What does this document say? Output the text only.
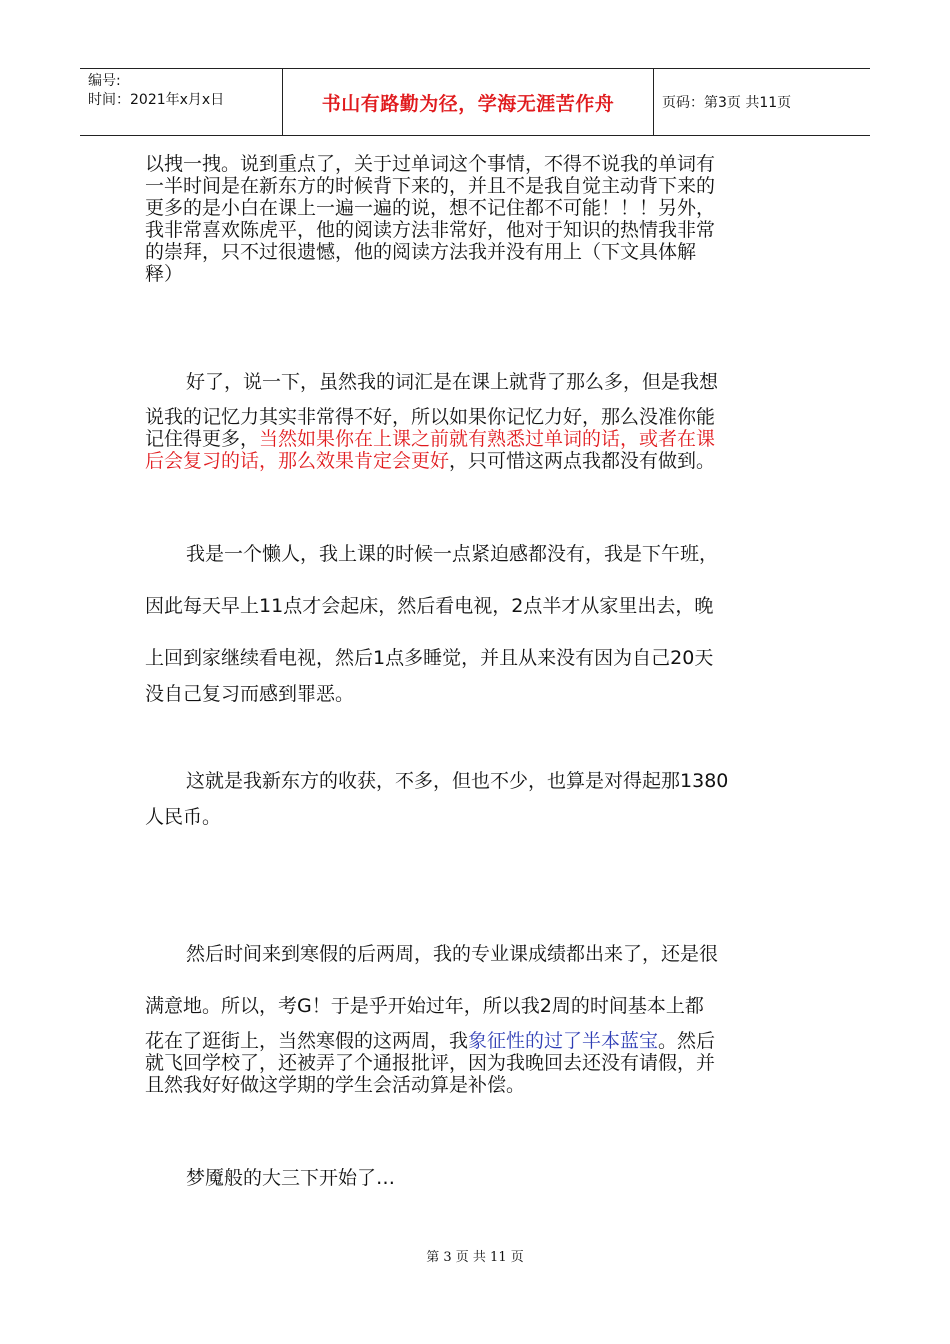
编号:
时间：2021年x月x日	书山有路勤为径，学海无涯苦作舟	页码：第3页 共11页
以拽一拽。说到重点了，关于过单词这个事情，不得不说我的单词有
一半时间是在新东方的时候背下来的，并且不是我自觉主动背下来的
更多的是小白在课上一遍一遍的说，想不记住都不可能！！！另外，
我非常喜欢陈虎平，他的阅读方法非常好，他对于知识的热情我非常
的崇拜，只不过很遗憾，他的阅读方法我并没有用上（下文具体解
释）
好了，说一下，虽然我的词汇是在课上就背了那么多，但是我想
说我的记忆力其实非常得不好，所以如果你记忆力好，那么没准你能
记住得更多，当然如果你在上课之前就有熟悉过单词的话，或者在课
后会复习的话，那么效果肯定会更好，只可惜这两点我都没有做到。
我是一个懒人，我上课的时候一点紧迫感都没有，我是下午班，
因此每天早上11点才会起床，然后看电视，2点半才从家里出去，晚
上回到家继续看电视，然后1点多睡觉，并且从来没有因为自己20天
没自己复习而感到罪恶。
这就是我新东方的收获，不多，但也不少，也算是对得起那1380
人民币。
然后时间来到寒假的后两周，我的专业课成绩都出来了，还是很
满意地。所以，考G！于是乎开始过年，所以我2周的时间基本上都
花在了逛街上，当然寒假的这两周，我象征性的过了半本蓝宝。然后
就飞回学校了，还被弄了个通报批评，因为我晚回去还没有请假，并
且然我好好做这学期的学生会活动算是补偿。
梦魇般的大三下开始了…
第 3 页 共 11 页
